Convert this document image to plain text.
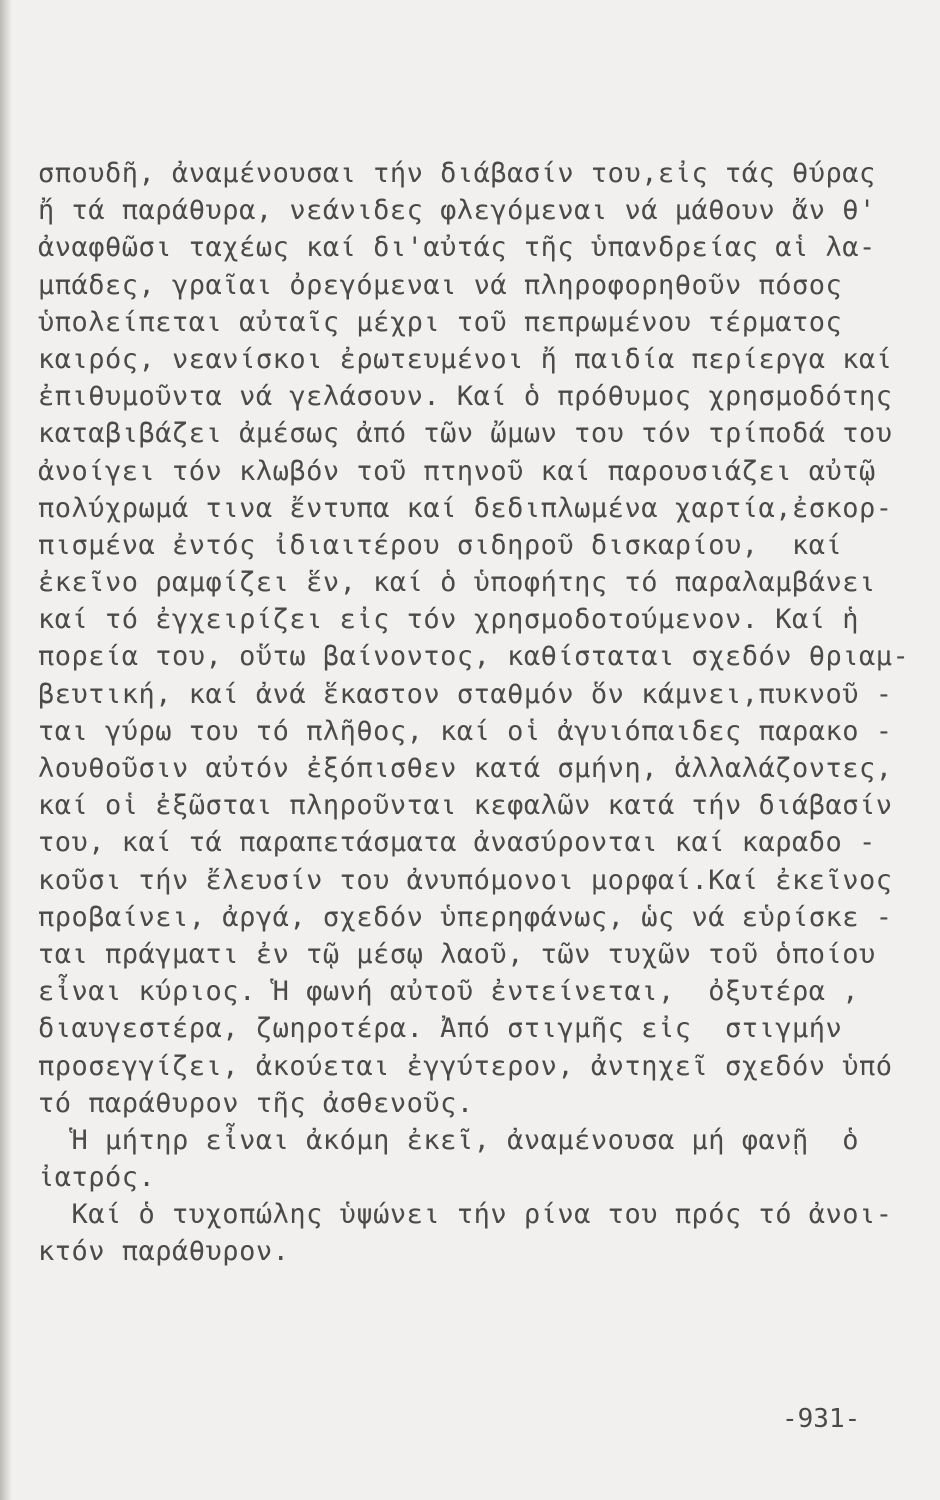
σπουδῆ, ἀναμένουσαι τήν διάβασίν του,εἰς τάς θύρας
ἤ τά παράθυρα, νεάνιδες φλεγόμεναι νά μάθουν ἄν θ'
ἀναφθῶσι ταχέως καί δι'αὐτάς τῆς ὑπανδρείας αἱ λα-
μπάδες, γραῖαι ὀρεγόμεναι νά πληροφορηθοῦν πόσος
ὑπολείπεται αὐταῖς μέχρι τοῦ πεπρωμένου τέρματος
καιρός, νεανίσκοι ἐρωτευμένοι ἤ παιδία περίεργα καί
ἐπιθυμοῦντα νά γελάσουν. Καί ὁ πρόθυμος χρησμοδότης
καταβιβάζει ἀμέσως ἀπό τῶν ὤμων του τόν τρίποδά του
ἀνοίγει τόν κλωβόν τοῦ πτηνοῦ καί παρουσιάζει αὐτῷ
πολύχρωμά τινα ἔντυπα καί δεδιπλωμένα χαρτία,ἐσκορ-
πισμένα ἐντός ἰδιαιτέρου σιδηροῦ δισκαρίου,  καί
ἐκεῖνο ραμφίζει ἕν, καί ὁ ὑποφήτης τό παραλαμβάνει
καί τό ἐγχειρίζει εἰς τόν χρησμοδοτούμενον. Καί ἡ
πορεία του, οὕτω βαίνοντος, καθίσταται σχεδόν θριαμ-
βευτική, καί ἀνά ἕκαστον σταθμόν ὅν κάμνει,πυκνοῦ -
ται γύρω του τό πλῆθος, καί οἱ ἀγυιόπαιδες παρακο -
λουθοῦσιν αὐτόν ἐξόπισθεν κατά σμήνη, ἀλλαλάζοντες,
καί οἱ ἐξῶσται πληροῦνται κεφαλῶν κατά τήν διάβασίν
του, καί τά παραπετάσματα ἀνασύρονται καί καραδο -
κοῦσι τήν ἔλευσίν του ἀνυπόμονοι μορφαί.Καί ἐκεῖνος
προβαίνει, ἀργά, σχεδόν ὑπερηφάνως, ὡς νά εὑρίσκε -
ται πράγματι ἐν τῷ μέσῳ λαοῦ, τῶν τυχῶν τοῦ ὁποίου
εἶναι κύριος. Ἡ φωνή αὐτοῦ ἐντείνεται,  ὀξυτέρα ,
διαυγεστέρα, ζωηροτέρα. Ἀπό στιγμῆς εἰς  στιγμήν
προσεγγίζει, ἀκούεται ἐγγύτερον, ἀντηχεῖ σχεδόν ὑπό
τό παράθυρον τῆς ἀσθενοῦς.
Ἡ μήτηρ εἶναι ἀκόμη ἐκεῖ, ἀναμένουσα μή φανῇ  ὁ
ἰατρός.
Καί ὁ τυχοπώλης ὑψώνει τήν ρίνα του πρός τό ἀνοι-
κτόν παράθυρον.
-931-
